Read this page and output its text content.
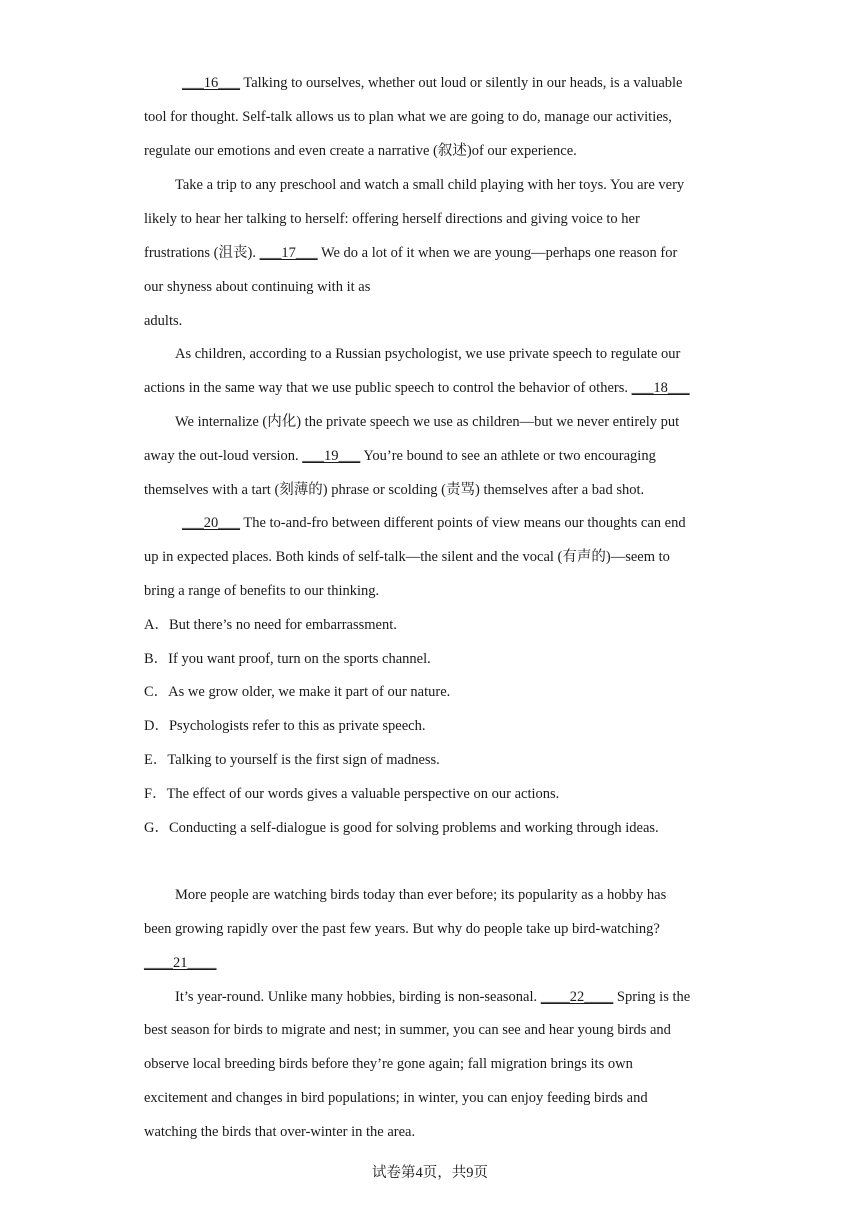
___16___ Talking to ourselves, whether out loud or silently in our heads, is a valuable
tool for thought. Self-talk allows us to plan what we are going to do, manage our activities,
regulate our emotions and even create a narrative (叙述)of our experience.
Take a trip to any preschool and watch a small child playing with her toys. You are very
likely to hear her talking to herself: offering herself directions and giving voice to her
frustrations (沮丧). ___17___ We do a lot of it when we are young—perhaps one reason for
our shyness about continuing with it as
adults.
As children, according to a Russian psychologist, we use private speech to regulate our
actions in the same way that we use public speech to control the behavior of others. ___18___
We internalize (内化) the private speech we use as children—but we never entirely put
away the out-loud version. ___19___ You’re bound to see an athlete or two encouraging
themselves with a tart (刻薄的) phrase or scolding (责骂) themselves after a bad shot.
___20___ The to-and-fro between different points of view means our thoughts can end
up in expected places. Both kinds of self-talk—the silent and the vocal (有声的)—seem to
bring a range of benefits to our thinking.
A．But there’s no need for embarrassment.
B．If you want proof, turn on the sports channel.
C．As we grow older, we make it part of our nature.
D．Psychologists refer to this as private speech.
E．Talking to yourself is the first sign of madness.
F．The effect of our words gives a valuable perspective on our actions.
G．Conducting a self-dialogue is good for solving problems and working through ideas.
More people are watching birds today than ever before; its popularity as a hobby has
been growing rapidly over the past few years. But why do people take up bird-watching?
____21____
It’s year-round. Unlike many hobbies, birding is non-seasonal. ____22____ Spring is the
best season for birds to migrate and nest; in summer, you can see and hear young birds and
observe local breeding birds before they’re gone again; fall migration brings its own
excitement and changes in bird populations; in winter, you can enjoy feeding birds and
watching the birds that over-winter in the area.
试卷第4页，共9页
